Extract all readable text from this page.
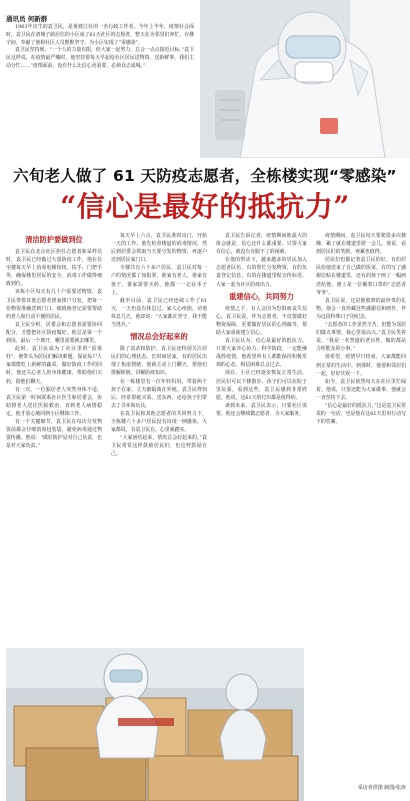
通讯员 何新群

1963年出生的袁卫民，是黄渡江社的一名行政工作者。今年上半年，疫情社会面时，袁卫民在诸城子路居住的小区成了61天社区的志愿者，整天在为邻里们奔忙，在楼宇间，奉献了他和社区人员默默坚守，为小区实现了“零感染”。

袁卫民坚持到。“一个人的力量有限，但大家一起努力，总会一点点接近目标。”袁卫民这样说。在疫情最严峻时，他坚持要每天早起给社区居民送物资、送新鲜事，我们主动分忙……“疫情面前，没有什么比信心更重要，必须众志成城。”

六旬老人做了 61 天防疫志愿者，全栋楼实现“零感染”
“信心是最好的抵抗力”
清洁防护要做到位

袁卫民在北京社区担任志愿者和采样员时，袁卫民已经做过大量防疫工作，他在住宅楼每天早上消毒电梯按钮、扶手、门把手等，确保楼里居民的安全，消毒工作做得细致到位。

该栋小区每天有几十户需要送物资，袁卫民带着其他志愿者挨家挨户分发，把每一份物资准确送到门口，细致地登记需要帮助的老人和行动不便的居民。

袁卫民分析，居委会和志愿者需要协同配合，才能把社区防疫做好。他总是第一个到岗，最后一个离开，哪里需要就去哪里。

此时，袁卫民成为了社区里的“顶梁柱”，他带头为居民们解决难题，保证每户人家都能吃上新鲜的蔬菜。做好防疫工作的同时，他还关心老人的身体健康，帮助他们买药，陪他们聊天。

有一次，一位独居老人突然身体不适，袁卫民第一时间联系社区医生和居委会，协助将老人送往医院救治，直到老人病情稳定，他才放心地回到小区继续工作。

有一个关键细节，袁卫民在每次分发物资前都会仔细消毒包装袋，避免病毒通过物资传播。他说：“做好防护是对自己负责，也是对大家负责。”

每天早上六点，袁卫民准时出门，开始一天的工作。他先检查楼道的消毒情况，然后到居委会领取当天要分发的物资，再逐户送到居民家门口。

全楼共有六十多户居民，袁卫民对每一户的情况都了如指掌，谁家有老人，谁家有孩子，谁家需要买药，他都一一记在本子上。

截至目前，袁卫民已经连续工作了61天，一天也没有休息过。家人心疼他，劝他休息几天，他却说：“大家都在坚守，我不能当逃兵。”

情况总会好起来的

除了消杀和防护，袁卫民还特别关注居民们的心理状态。长时间居家，有的居民出现了焦虑情绪，他就主动上门聊天，帮他们排解烦恼，讲解防疫知识。

在一栋楼里有一位年轻妈妈，带着两个孩子在家，丈夫被隔离在外地。袁卫民得知后，经常帮她买菜、送东西，还给孩子们带去了书本和玩具。

在袁卫民和其他志愿者的共同努力下，全栋楼六十多户居民没有出现一例感染。大家都说，有袁卫民在，心里就踏实。

“大家团结起来，情况总会好起来的。”袁卫民常常这样鼓励居民们，也这样鼓励自己。

袁卫民告诉记者，疫情期间他最大的体会就是，信心比什么都重要。只要大家有信心，就没有克服不了的困难。

在他的带动下，越来越多的居民加入志愿者队伍，有的帮忙分发物资，有的负责登记信息，有的在楼道里贴宣传标语，大家一起为社区防疫出力。

重建信心，共同努力

疫情之下，有人会因为恐惧而丧失信心。袁卫民说，作为志愿者，不仅要做好物资保障，更要做好居民的心理疏导，帮助大家重新建立信心。

袁卫民认为，信心是最好的抵抗力。只要大家齐心协力，科学防疫，一定能够战胜疫情。他希望所有人都能保持积极乐观的心态，相信困难总会过去。

现在，小区已经逐步恢复正常生活，居民们可以下楼散步，孩子们可以在院子里玩耍。看到这些，袁卫民感到非常欣慰，他说，这61天的付出都是值得的。

谈到未来，袁卫民表示，只要社区需要，他还会继续做志愿者，为大家服务。

疫情期间，袁卫民每天要爬很多次楼梯，累了就在楼道里歇一会儿。他说，看到居民们的笑脸，再累也值得。

居民们也都记着袁卫民的好。有的居民给他送来了自己做的饭菜，有的写了感谢信贴在楼道里，还有的孩子画了一幅画送给他，画上是一位戴着口罩的“志愿者爷爷”。

袁卫民说，这是他收到的最珍贵的礼物。他会一直珍藏这些感谢信和画作，作为这段特殊日子的纪念。

“志愿者的工作虽然辛苦，但能为邻居们做点事情，我心里很高兴。”袁卫民笑着说，“我是一名普通的老百姓，做的都是力所能及的小事。”

他希望，疫情早日结束，大家都能回到正常的生活中。到那时，他要和邻居们一起，好好庆祝一下。

如今，袁卫民依然每天在社区里忙碌着。他说，只要还能为大家做事，他就会一直坚持下去。

“信心是最好的抵抗力。”这是袁卫民常说的一句话，也是他在这61天里用行动写下的答案。

采访者供图 制图/张涛
